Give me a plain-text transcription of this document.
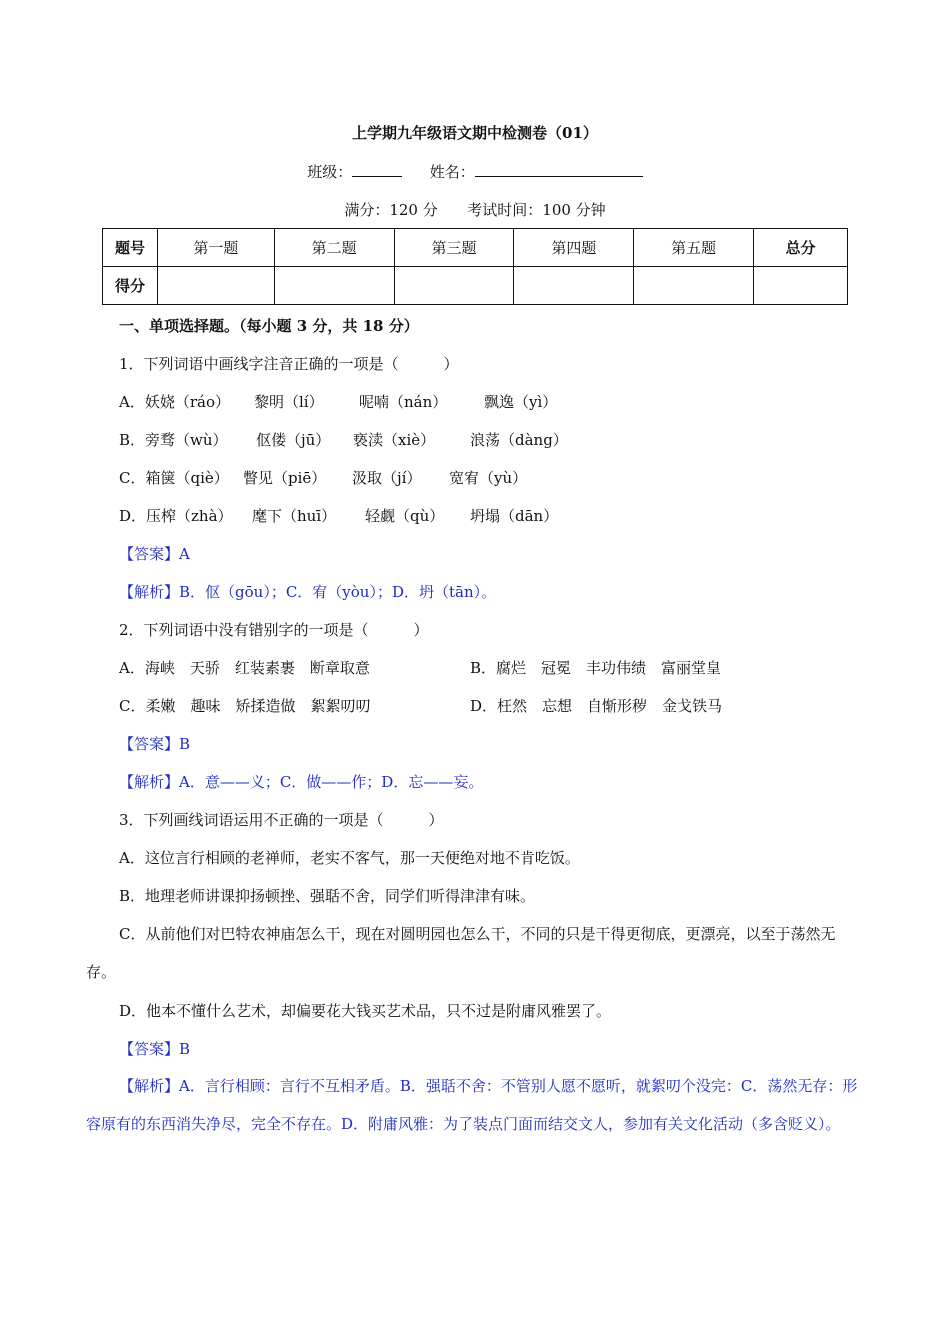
上学期九年级语文期中检测卷（01）
班级：	姓名：
满分：120 分 考试时间：100 分钟
题号	第一题	第二题	第三题	第四题	第五题	总分
得分						
一、单项选择题。（每小题 3 分，共 18 分）
1．下列词语中画线字注音正确的一项是（　　　）
A．妖娆（ráo） 黎明（lí） 呢喃（nán） 飘逸（yì）
B．旁骛（wù） 伛偻（jū） 亵渎（xiè） 浪荡（dàng）
C．箱箧（qiè） 瞥见（piē） 汲取（jí） 宽宥（yù）
D．压榨（zhà） 麾下（huī） 轻觑（qù） 坍塌（dān）
【答案】A
【解析】B．伛（gōu）；C．宥（yòu）；D．坍（tān）。
2．下列词语中没有错别字的一项是（　　　）
A．海峡　天骄　红装素裹　断章取意	B．腐烂　冠冕　丰功伟绩　富丽堂皇
C．柔嫩　趣味　矫揉造做　絮絮叨叨	D．枉然　忘想　自惭形秽　金戈铁马
【答案】B
【解析】A．意——义；C．做——作；D．忘——妄。
3．下列画线词语运用不正确的一项是（　　　）
A．这位言行相顾的老禅师，老实不客气，那一天便绝对地不肯吃饭。
B．地理老师讲课抑扬顿挫、强聒不舍，同学们听得津津有味。
C．从前他们对巴特农神庙怎么干，现在对圆明园也怎么干，不同的只是干得更彻底，更漂亮，以至于荡然无存。
D．他本不懂什么艺术，却偏要花大钱买艺术品，只不过是附庸风雅罢了。
【答案】B
【解析】A．言行相顾：言行不互相矛盾。B．强聒不舍：不管别人愿不愿听，就絮叨个没完：C．荡然无存：形容原有的东西消失净尽，完全不存在。D．附庸风雅：为了装点门面而结交文人，参加有关文化活动（多含贬义）。
